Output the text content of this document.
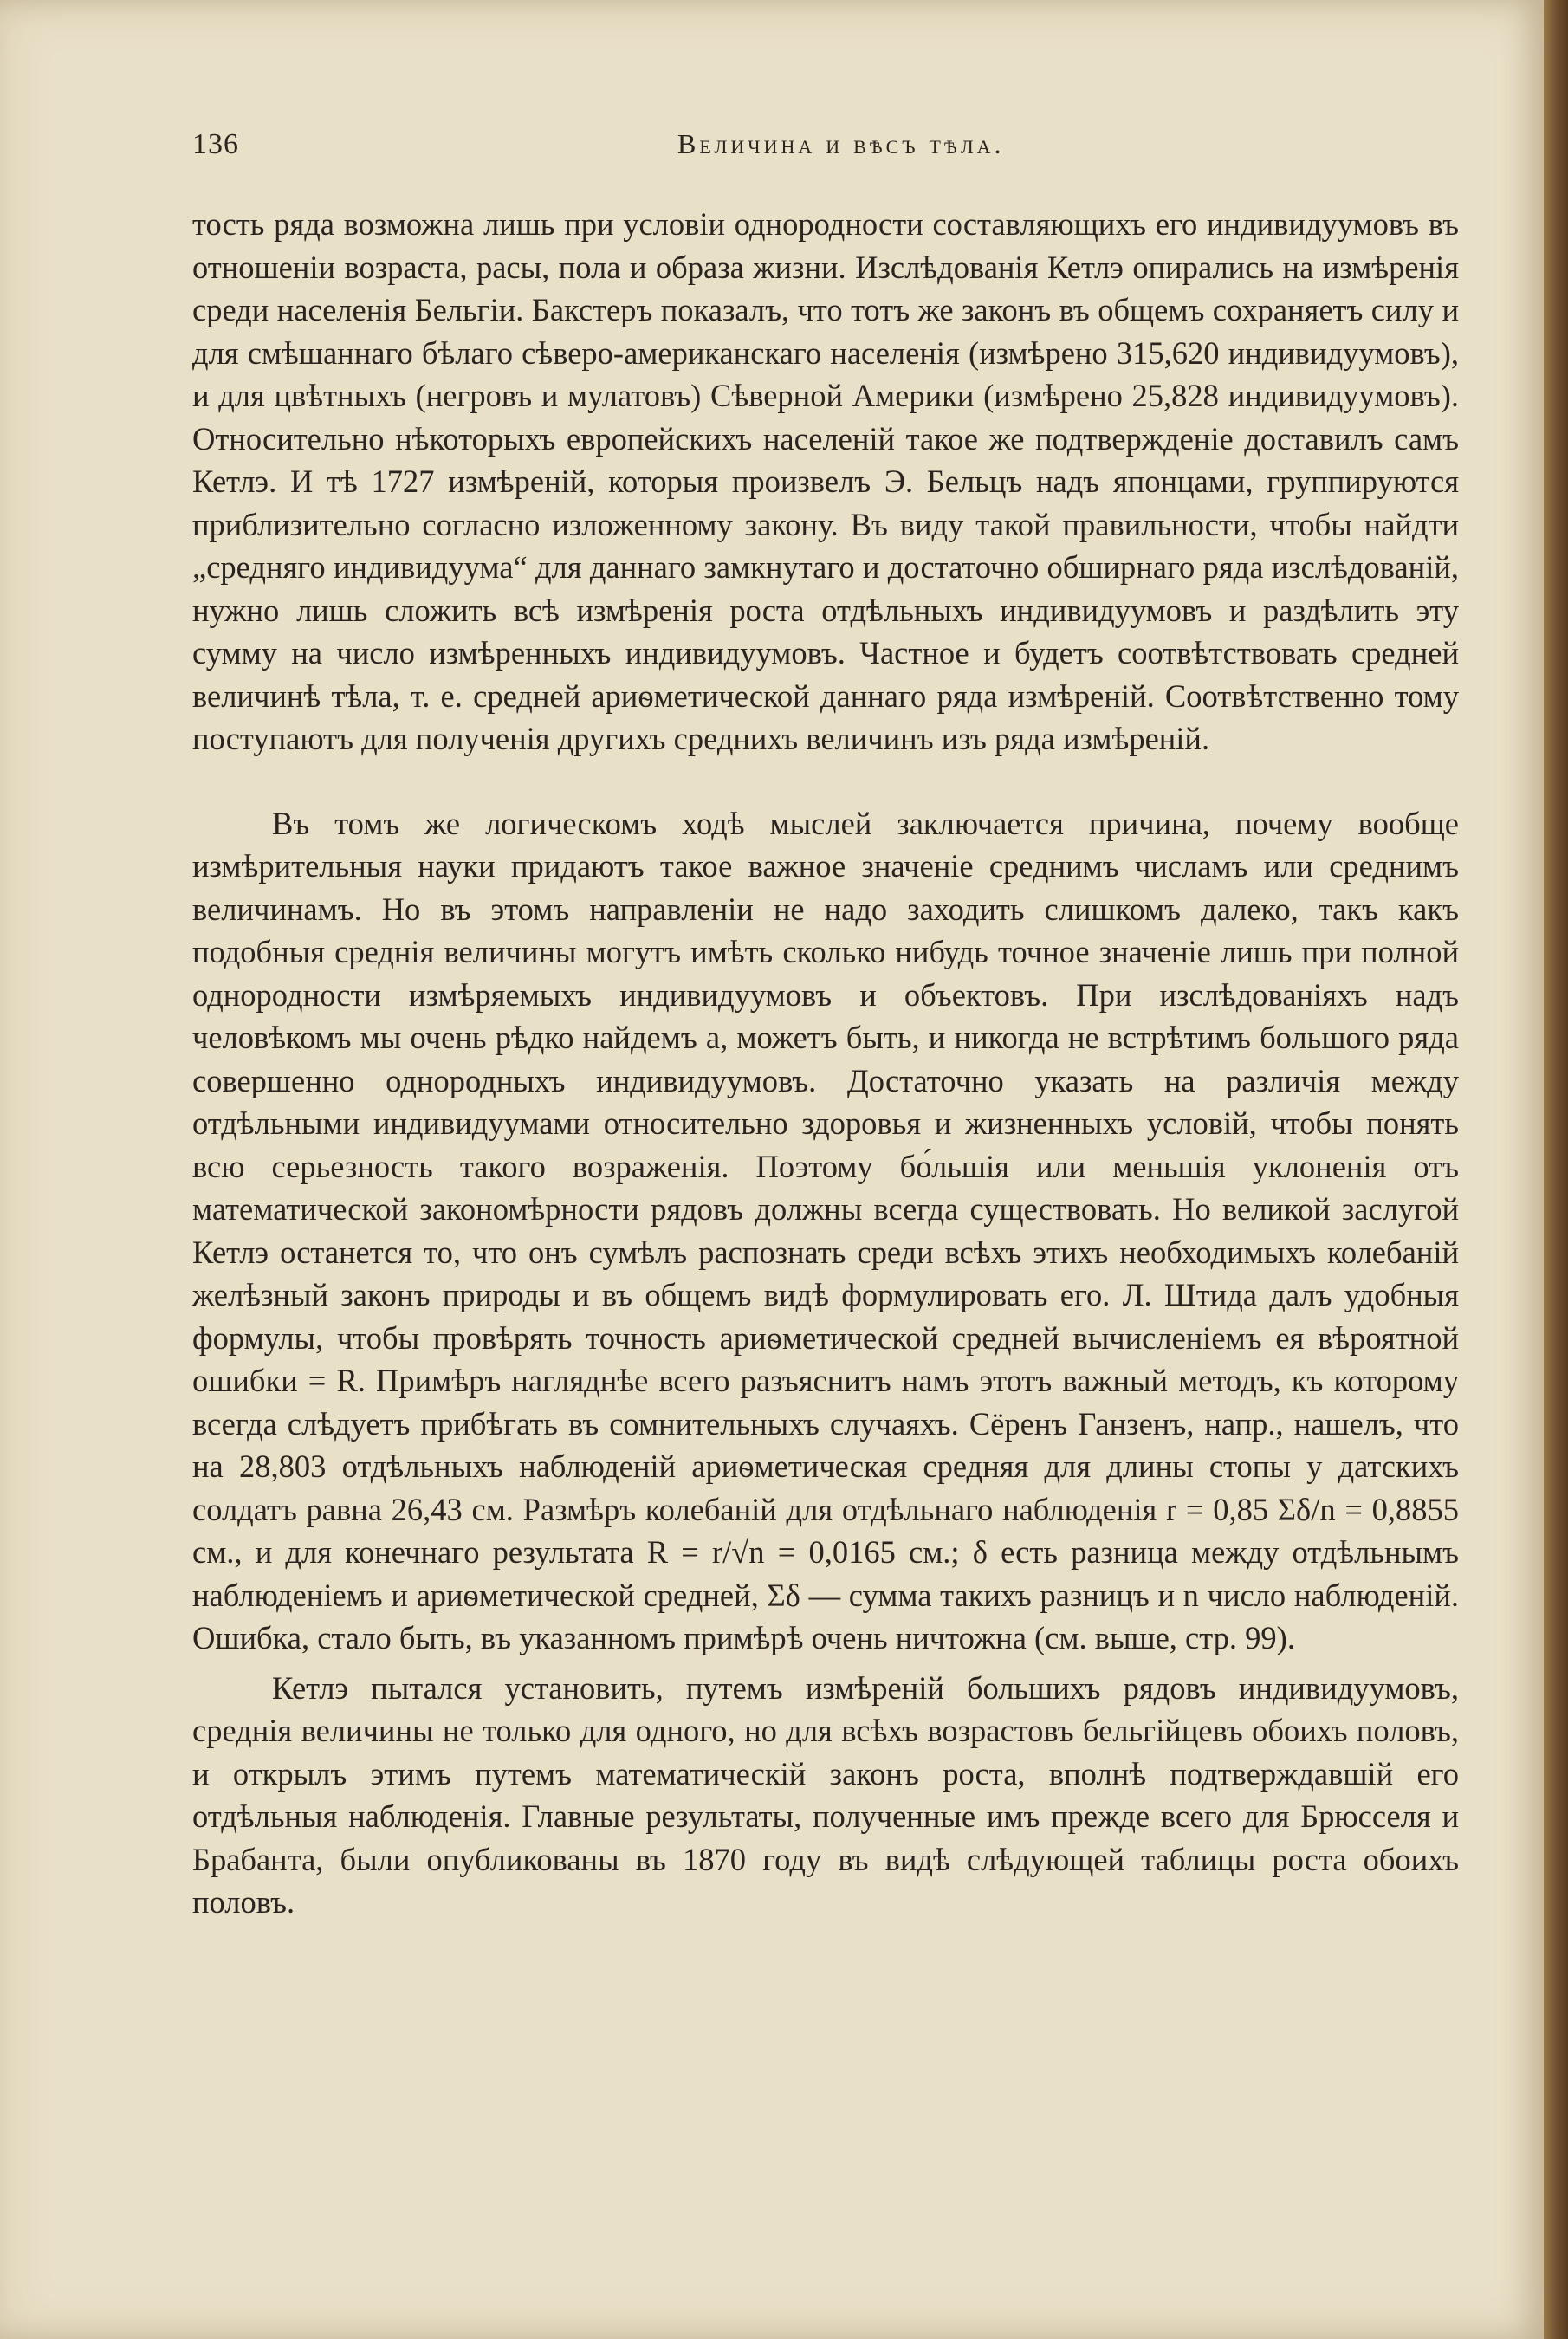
136	Величина и вѣсъ тѣла.

тость ряда возможна лишь при условіи однородности составляющихъ его индивидуумовъ въ отношеніи возраста, расы, пола и образа жизни. Изслѣдованія Кетлэ опирались на измѣренія среди населенія Бельгіи. Бакстеръ показалъ, что тотъ же законъ въ общемъ сохраняетъ силу и для смѣшаннаго бѣлаго сѣверо-американскаго населенія (измѣрено 315,620 индивидуумовъ), и для цвѣтныхъ (негровъ и мулатовъ) Сѣверной Америки (измѣрено 25,828 индивидуумовъ). Относительно нѣкоторыхъ европейскихъ населеній такое же подтвержденіе доставилъ самъ Кетлэ. И тѣ 1727 измѣреній, которыя произвелъ Э. Бельцъ надъ японцами, группируются приблизительно согласно изложенному закону. Въ виду такой правильности, чтобы найдти „средняго индивидуума“ для даннаго замкнутаго и достаточно обширнаго ряда изслѣдованій, нужно лишь сложить всѣ измѣренія роста отдѣльныхъ индивидуумовъ и раздѣлить эту сумму на число измѣренныхъ индивидуумовъ. Частное и будетъ соотвѣтствовать средней величинѣ тѣла, т. е. средней ариѳметической даннаго ряда измѣреній. Соотвѣтственно тому поступаютъ для полученія другихъ среднихъ величинъ изъ ряда измѣреній.

Въ томъ же логическомъ ходѣ мыслей заключается причина, почему вообще измѣрительныя науки придаютъ такое важное значеніе среднимъ числамъ или среднимъ величинамъ. Но въ этомъ направленіи не надо заходить слишкомъ далеко, такъ какъ подобныя среднія величины могутъ имѣть сколько нибудь точное значеніе лишь при полной однородности измѣряемыхъ индивидуумовъ и объектовъ. При изслѣдованіяхъ надъ человѣкомъ мы очень рѣдко найдемъ а, можетъ быть, и никогда не встрѣтимъ большого ряда совершенно однородныхъ индивидуумовъ. Достаточно указать на различія между отдѣльными индивидуумами относительно здоровья и жизненныхъ условій, чтобы понять всю серьезность такого возраженія. Поэтому бо́льшія или меньшія уклоненія отъ математической закономѣрности рядовъ должны всегда существовать. Но великой заслугой Кетлэ останется то, что онъ сумѣлъ распознать среди всѣхъ этихъ необходимыхъ колебаній желѣзный законъ природы и въ общемъ видѣ формулировать его. Л. Штида далъ удобныя формулы, чтобы провѣрять точность ариѳметической средней вычисленіемъ ея вѣроятной ошибки = R. Примѣръ нагляднѣе всего разъяснитъ намъ этотъ важный методъ, къ которому всегда слѣдуетъ прибѣгать въ сомнительныхъ случаяхъ. Сёренъ Ганзенъ, напр., нашелъ, что на 28,803 отдѣльныхъ наблюденій ариѳметическая средняя для длины стопы у датскихъ солдатъ равна 26,43 см. Размѣръ колебаній для отдѣльнаго наблюденія r = 0,85 Σδ/n = 0,8855 см., и для конечнаго результата R = r/√n = 0,0165 см.; δ есть разница между отдѣльнымъ наблюденіемъ и ариѳметической средней, Σδ — сумма такихъ разницъ и n число наблюденій. Ошибка, стало быть, въ указанномъ примѣрѣ очень ничтожна (см. выше, стр. 99).

Кетлэ пытался установить, путемъ измѣреній большихъ рядовъ индивидуумовъ, среднія величины не только для одного, но для всѣхъ возрастовъ бельгійцевъ обоихъ половъ, и открылъ этимъ путемъ математическій законъ роста, вполнѣ подтверждавшій его отдѣльныя наблюденія. Главные результаты, полученные имъ прежде всего для Брюсселя и Брабанта, были опубликованы въ 1870 году въ видѣ слѣдующей таблицы роста обоихъ половъ.
